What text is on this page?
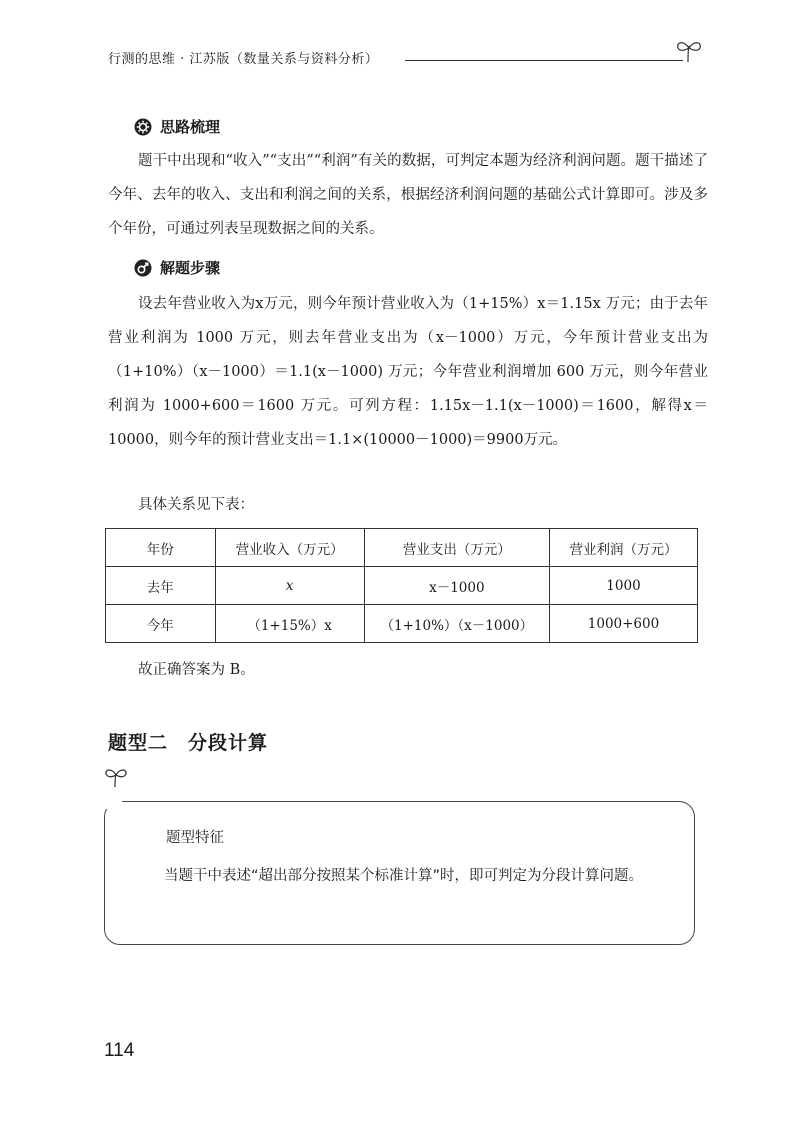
行测的思维 · 江苏版（数量关系与资料分析）
思路梳理

题干中出现和“收入”“支出”“利润”有关的数据，可判定本题为经济利润问题。题干描述了今年、去年的收入、支出和利润之间的关系，根据经济利润问题的基础公式计算即可。涉及多个年份，可通过列表呈现数据之间的关系。

解题步骤

设去年营业收入为x万元，则今年预计营业收入为（1+15%）x＝1.15x 万元；由于去年营业利润为 1000 万元，则去年营业支出为（x－1000）万元，今年预计营业支出为（1+10%）（x－1000）＝1.1(x－1000) 万元；今年营业利润增加 600 万元，则今年营业利润为 1000+600＝1600 万元。可列方程：1.15x－1.1(x－1000)＝1600，解得x＝10000，则今年的预计营业支出＝1.1×(10000－1000)＝9900万元。

具体关系见下表：
年份	营业收入（万元）	营业支出（万元）	营业利润（万元）
去年	x	x－1000	1000
今年	（1+15%）x	（1+10%）（x－1000）	1000+600
故正确答案为 B。
题型二 分段计算
题型特征

当题干中表述“超出部分按照某个标准计算”时，即可判定为分段计算问题。

114
